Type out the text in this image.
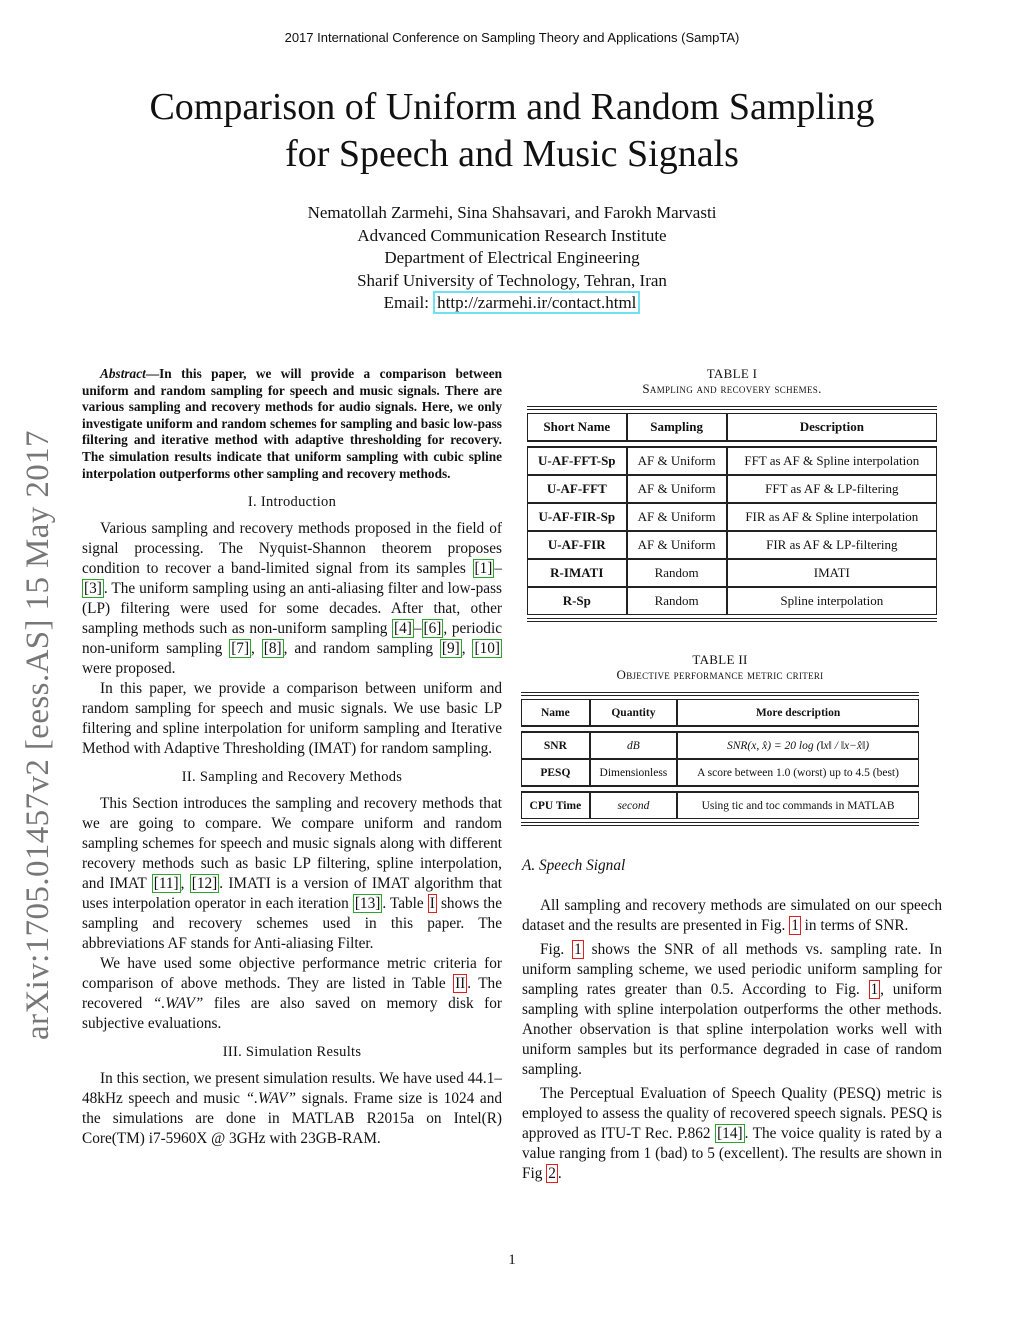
2017 International Conference on Sampling Theory and Applications (SampTA)
Comparison of Uniform and Random Sampling
for Speech and Music Signals
Nematollah Zarmehi, Sina Shahsavari, and Farokh Marvasti
Advanced Communication Research Institute
Department of Electrical Engineering
Sharif University of Technology, Tehran, Iran
Email: http://zarmehi.ir/contact.html
arXiv:1705.01457v2 [eess.AS] 15 May 2017

Abstract—In this paper, we will provide a comparison between uniform and random sampling for speech and music signals. There are various sampling and recovery methods for audio signals. Here, we only investigate uniform and random schemes for sampling and basic low-pass filtering and iterative method with adaptive thresholding for recovery. The simulation results indicate that uniform sampling with cubic spline interpolation outperforms other sampling and recovery methods.

I. Introduction

Various sampling and recovery methods proposed in the field of signal processing. The Nyquist-Shannon theorem proposes condition to recover a band-limited signal from its samples [1] –[3] . The uniform sampling using an anti-aliasing filter and low-pass (LP) filtering were used for some decades. After that, other sampling methods such as non-uniform sampling [4] – [6] , periodic non-uniform sampling [7] , [8] , and random sampling [9] , [10] were proposed.

In this paper, we provide a comparison between uniform and random sampling for speech and music signals. We use basic LP filtering and spline interpolation for uniform sampling and Iterative Method with Adaptive Thresholding (IMAT) for random sampling.

II. Sampling and Recovery Methods

This Section introduces the sampling and recovery methods that we are going to compare. We compare uniform and random sampling schemes for speech and music signals along with different recovery methods such as basic LP filtering, spline interpolation, and IMAT [11] , [12] . IMATI is a version of IMAT algorithm that uses interpolation operator in each iteration [13] . Table I shows the sampling and recovery schemes used in this paper. The abbreviations AF stands for Anti-aliasing Filter.

We have used some objective performance metric criteria for comparison of above methods. They are listed in Table II . The recovered “.WAV” files are also saved on memory disk for subjective evaluations.

III. Simulation Results

In this section, we present simulation results. We have used 44.1–48kHz speech and music “.WAV” signals. Frame size is 1024 and the simulations are done in MATLAB R2015a on Intel(R) Core(TM) i7-5960X @ 3GHz with 23GB-RAM.

TABLE I
Sampling and recovery schemes.
Short Name	Sampling	Description

U-AF-FFT-Sp	AF & Uniform	FFT as AF & Spline interpolation
U-AF-FFT	AF & Uniform	FFT as AF & LP-filtering
U-AF-FIR-Sp	AF & Uniform	FIR as AF & Spline interpolation
U-AF-FIR	AF & Uniform	FIR as AF & LP-filtering
R-IMATI	Random	IMATI
R-Sp	Random	Spline interpolation
TABLE II
Objective performance metric criteri
Name	Quantity	More description

SNR	dB	SNR(x, x̂) = 20 log (‖x‖ / ‖x−x̂‖)
PESQ	Dimensionless	A score between 1.0 (worst) up to 4.5 (best)

CPU Time	second	Using tic and toc commands in MATLAB
A. Speech Signal

All sampling and recovery methods are simulated on our speech dataset and the results are presented in Fig. 1 in terms of SNR.

Fig. 1 shows the SNR of all methods vs. sampling rate. In uniform sampling scheme, we used periodic uniform sampling for sampling rates greater than 0.5. According to Fig. 1 , uniform sampling with spline interpolation outperforms the other methods. Another observation is that spline interpolation works well with uniform samples but its performance degraded in case of random sampling.

The Perceptual Evaluation of Speech Quality (PESQ) metric is employed to assess the quality of recovered speech signals. PESQ is approved as ITU-T Rec. P.862 [14] . The voice quality is rated by a value ranging from 1 (bad) to 5 (excellent). The results are shown in Fig 2 .

1
